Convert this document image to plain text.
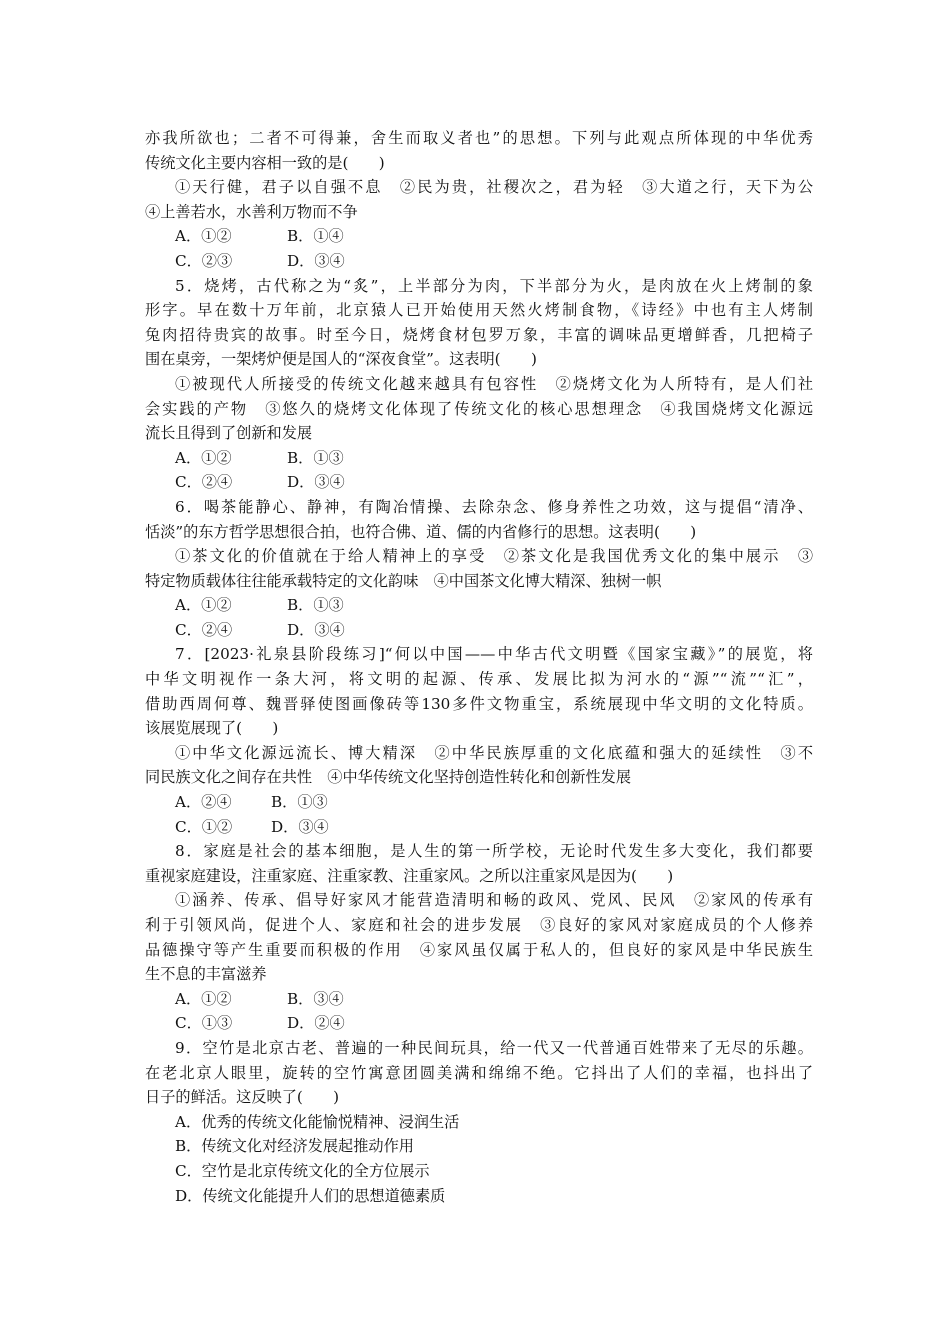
亦我所欲也；二者不可得兼，舍生而取义者也”的思想。下列与此观点所体现的中华优秀
传统文化主要内容相一致的是(　　)
①天行健，君子以自强不息　②民为贵，社稷次之，君为轻　③大道之行，天下为公
④上善若水，水善利万物而不争
A．①②	B．①④
C．②③	D．③④
5．烧烤，古代称之为“炙”，上半部分为肉，下半部分为火，是肉放在火上烤制的象
形字。早在数十万年前，北京猿人已开始使用天然火烤制食物，《诗经》中也有主人烤制
兔肉招待贵宾的故事。时至今日，烧烤食材包罗万象，丰富的调味品更增鲜香，几把椅子
围在桌旁，一架烤炉便是国人的“深夜食堂”。这表明(　　)
①被现代人所接受的传统文化越来越具有包容性　②烧烤文化为人所特有，是人们社
会实践的产物　③悠久的烧烤文化体现了传统文化的核心思想理念　④我国烧烤文化源远
流长且得到了创新和发展
A．①②	B．①③
C．②④	D．③④
6．喝茶能静心、静神，有陶冶情操、去除杂念、修身养性之功效，这与提倡“清净、
恬淡”的东方哲学思想很合拍，也符合佛、道、儒的内省修行的思想。这表明(　　)
①茶文化的价值就在于给人精神上的享受　②茶文化是我国优秀文化的集中展示　③
特定物质载体往往能承载特定的文化韵味　④中国茶文化博大精深、独树一帜
A．①②	B．①③
C．②④	D．③④
7．[2023·礼泉县阶段练习]“何以中国——中华古代文明暨《国家宝藏》”的展览，将
中华文明视作一条大河，将文明的起源、传承、发展比拟为河水的“源”“流”“汇”，
借助西周何尊、魏晋驿使图画像砖等130多件文物重宝，系统展现中华文明的文化特质。
该展览展现了(　　)
①中华文化源远流长、博大精深　②中华民族厚重的文化底蕴和强大的延续性　③不
同民族文化之间存在共性　④中华传统文化坚持创造性转化和创新性发展
A．②④	B．①③
C．①②	D．③④
8．家庭是社会的基本细胞，是人生的第一所学校，无论时代发生多大变化，我们都要
重视家庭建设，注重家庭、注重家教、注重家风。之所以注重家风是因为(　　)
①涵养、传承、倡导好家风才能营造清明和畅的政风、党风、民风　②家风的传承有
利于引领风尚，促进个人、家庭和社会的进步发展　③良好的家风对家庭成员的个人修养
品德操守等产生重要而积极的作用　④家风虽仅属于私人的，但良好的家风是中华民族生
生不息的丰富滋养
A．①②	B．③④
C．①③	D．②④
9．空竹是北京古老、普遍的一种民间玩具，给一代又一代普通百姓带来了无尽的乐趣。
在老北京人眼里，旋转的空竹寓意团圆美满和绵绵不绝。它抖出了人们的幸福，也抖出了
日子的鲜活。这反映了(　　)
A．优秀的传统文化能愉悦精神、浸润生活
B．传统文化对经济发展起推动作用
C．空竹是北京传统文化的全方位展示
D．传统文化能提升人们的思想道德素质
